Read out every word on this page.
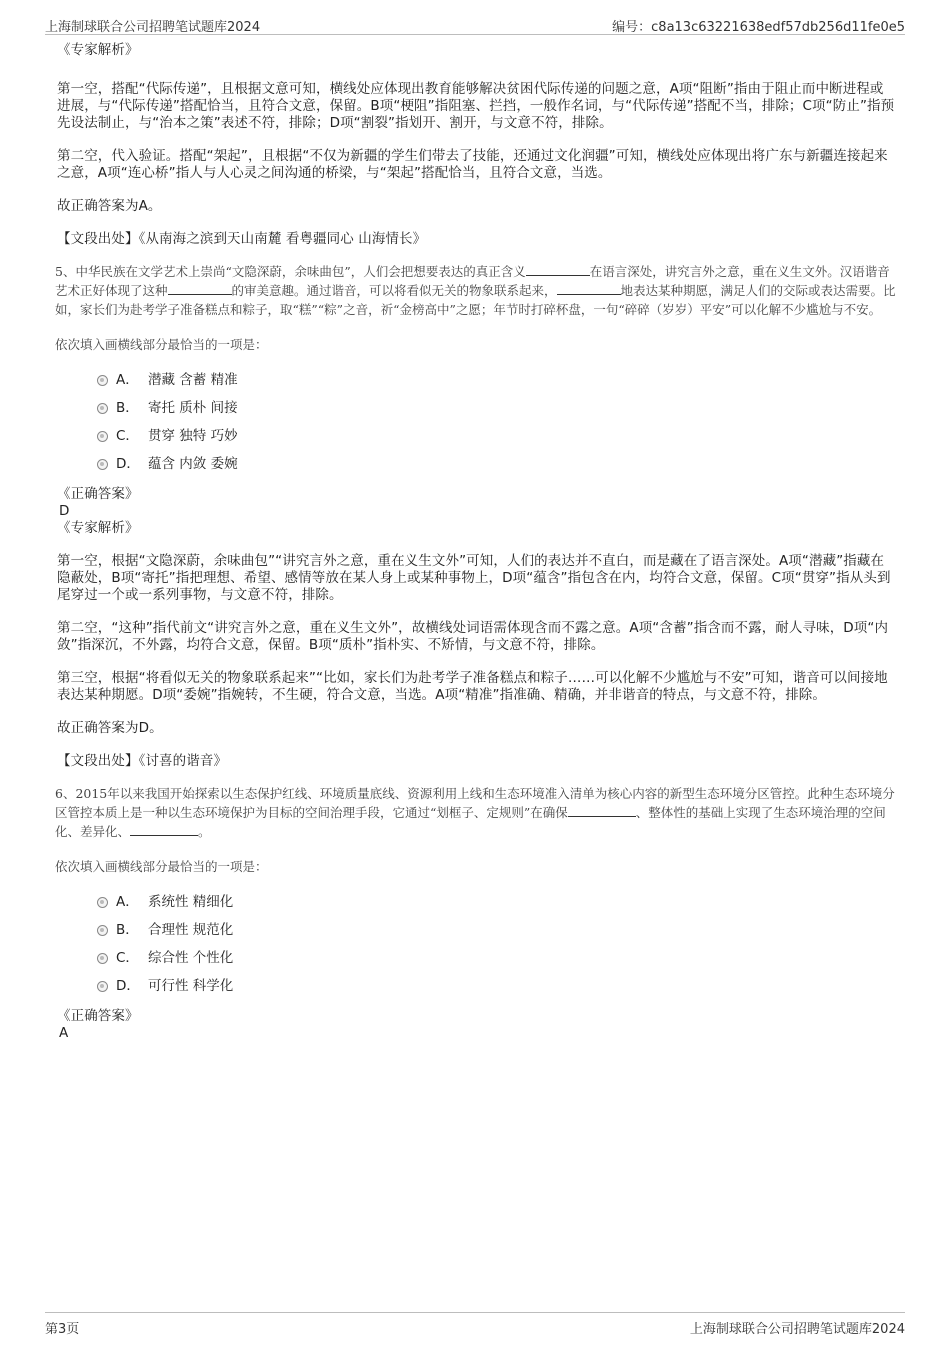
上海制球联合公司招聘笔试题库2024	编号：c8a13c63221638edf57db256d11fe0e5

《专家解析》

第一空，搭配“代际传递”，且根据文意可知，横线处应体现出教育能够解决贫困代际传递的问题之意，A项“阻断”指由于阻止而中断进程或进展，与“代际传递”搭配恰当，且符合文意，保留。B项“梗阻”指阻塞、拦挡，一般作名词，与“代际传递”搭配不当，排除；C项“防止”指预先设法制止，与“治本之策”表述不符，排除；D项“割裂”指划开、割开，与文意不符，排除。

第二空，代入验证。搭配“架起”，且根据“不仅为新疆的学生们带去了技能，还通过文化润疆”可知，横线处应体现出将广东与新疆连接起来之意，A项“连心桥”指人与人心灵之间沟通的桥梁，与“架起”搭配恰当，且符合文意，当选。

故正确答案为A。

【文段出处】《从南海之滨到天山南麓 看粤疆同心 山海情长》

5、中华民族在文学艺术上崇尚“文隐深蔚，余味曲包”，人们会把想要表达的真正含义	在语言深处，讲究言外之意，重在义生文外。汉语谐音艺术正好体现了这种	的审美意趣。通过谐音，可以将看似无关的物象联系起来，	地表达某种期愿，满足人们的交际或表达需要。比如，家长们为赴考学子准备糕点和粽子，取“糕”“粽”之音，祈“金榜高中”之愿；年节时打碎杯盘，一句“碎碎（岁岁）平安”可以化解不少尴尬与不安。

依次填入画横线部分最恰当的一项是：

A． 潜藏 含蓄 精准
B． 寄托 质朴 间接
C． 贯穿 独特 巧妙
D． 蕴含 内敛 委婉

《正确答案》

D

《专家解析》

第一空，根据“文隐深蔚，余味曲包”“讲究言外之意，重在义生文外”可知，人们的表达并不直白，而是藏在了语言深处。A项“潜藏”指藏在隐蔽处，B项“寄托”指把理想、希望、感情等放在某人身上或某种事物上，D项“蕴含”指包含在内，均符合文意，保留。C项“贯穿”指从头到尾穿过一个或一系列事物，与文意不符，排除。

第二空，“这种”指代前文“讲究言外之意，重在义生文外”，故横线处词语需体现含而不露之意。A项“含蓄”指含而不露，耐人寻味，D项“内敛”指深沉，不外露，均符合文意，保留。B项“质朴”指朴实、不矫情，与文意不符，排除。

第三空，根据“将看似无关的物象联系起来”“比如，家长们为赴考学子准备糕点和粽子……可以化解不少尴尬与不安”可知，谐音可以间接地表达某种期愿。D项“委婉”指婉转，不生硬，符合文意，当选。A项“精准”指准确、精确，并非谐音的特点，与文意不符，排除。

故正确答案为D。

【文段出处】《讨喜的谐音》

6、2015年以来我国开始探索以生态保护红线、环境质量底线、资源利用上线和生态环境准入清单为核心内容的新型生态环境分区管控。此种生态环境分区管控本质上是一种以生态环境保护为目标的空间治理手段，它通过“划框子、定规则”在确保	、整体性的基础上实现了生态环境治理的空间化、差异化、	。

依次填入画横线部分最恰当的一项是：

A． 系统性 精细化
B． 合理性 规范化
C． 综合性 个性化
D． 可行性 科学化

《正确答案》

A

第3页	上海制球联合公司招聘笔试题库2024
